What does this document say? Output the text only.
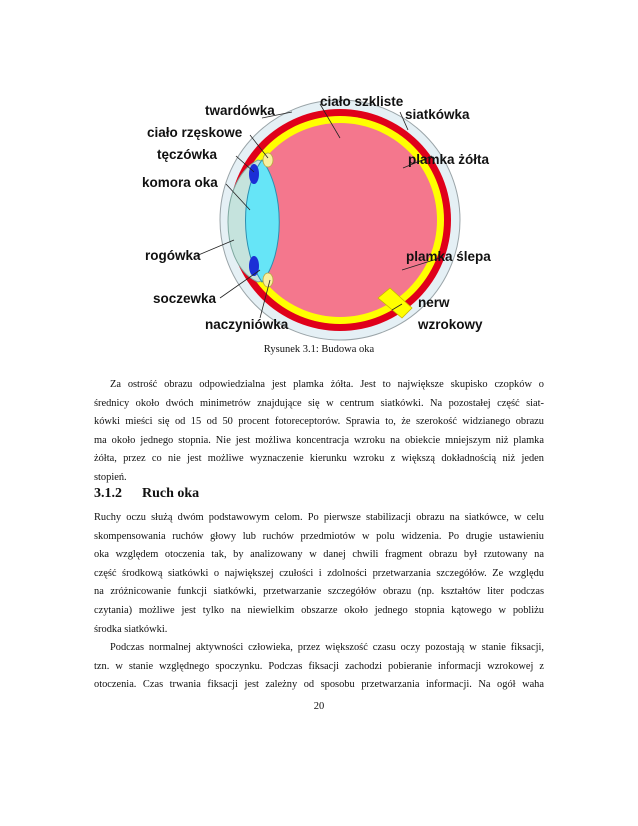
twardówka
ciało szkliste
siatkówka
ciało rzęskowe
tęczówka	plamka żółta
komora oka
rogówka	plamka ślepa
soczewka	nerw
wzrokowy
naczyniówka
Rysunek 3.1: Budowa oka
Za ostrość obrazu odpowiedzialna jest plamka żółta. Jest to największe skupisko czopków o
średnicy około dwóch minimetrów znajdujące się w centrum siatkówki. Na pozostałej część siat-
kówki mieści się od 15 od 50 procent fotoreceptorów. Sprawia to, że szerokość widzianego obrazu
ma około jednego stopnia. Nie jest możliwa koncentracja wzroku na obiekcie mniejszym niż plamka
żółta, przez co nie jest możliwe wyznaczenie kierunku wzroku z większą dokładnością niż jeden
stopień.
3.1.2 Ruch oka
Ruchy oczu służą dwóm podstawowym celom. Po pierwsze stabilizacji obrazu na siatkówce, w celu
skompensowania ruchów głowy lub ruchów przedmiotów w polu widzenia. Po drugie ustawieniu
oka względem otoczenia tak, by analizowany w danej chwili fragment obrazu był rzutowany na
część środkową siatkówki o największej czułości i zdolności przetwarzania szczegółów. Ze względu
na zróżnicowanie funkcji siatkówki, przetwarzanie szczegółów obrazu (np. kształtów liter podczas
czytania) możliwe jest tylko na niewielkim obszarze około jednego stopnia kątowego w pobliżu
środka siatkówki.
Podczas normalnej aktywności człowieka, przez większość czasu oczy pozostają w stanie fiksacji,
tzn. w stanie względnego spoczynku. Podczas fiksacji zachodzi pobieranie informacji wzrokowej z
otoczenia. Czas trwania fiksacji jest zależny od sposobu przetwarzania informacji. Na ogół waha
20
